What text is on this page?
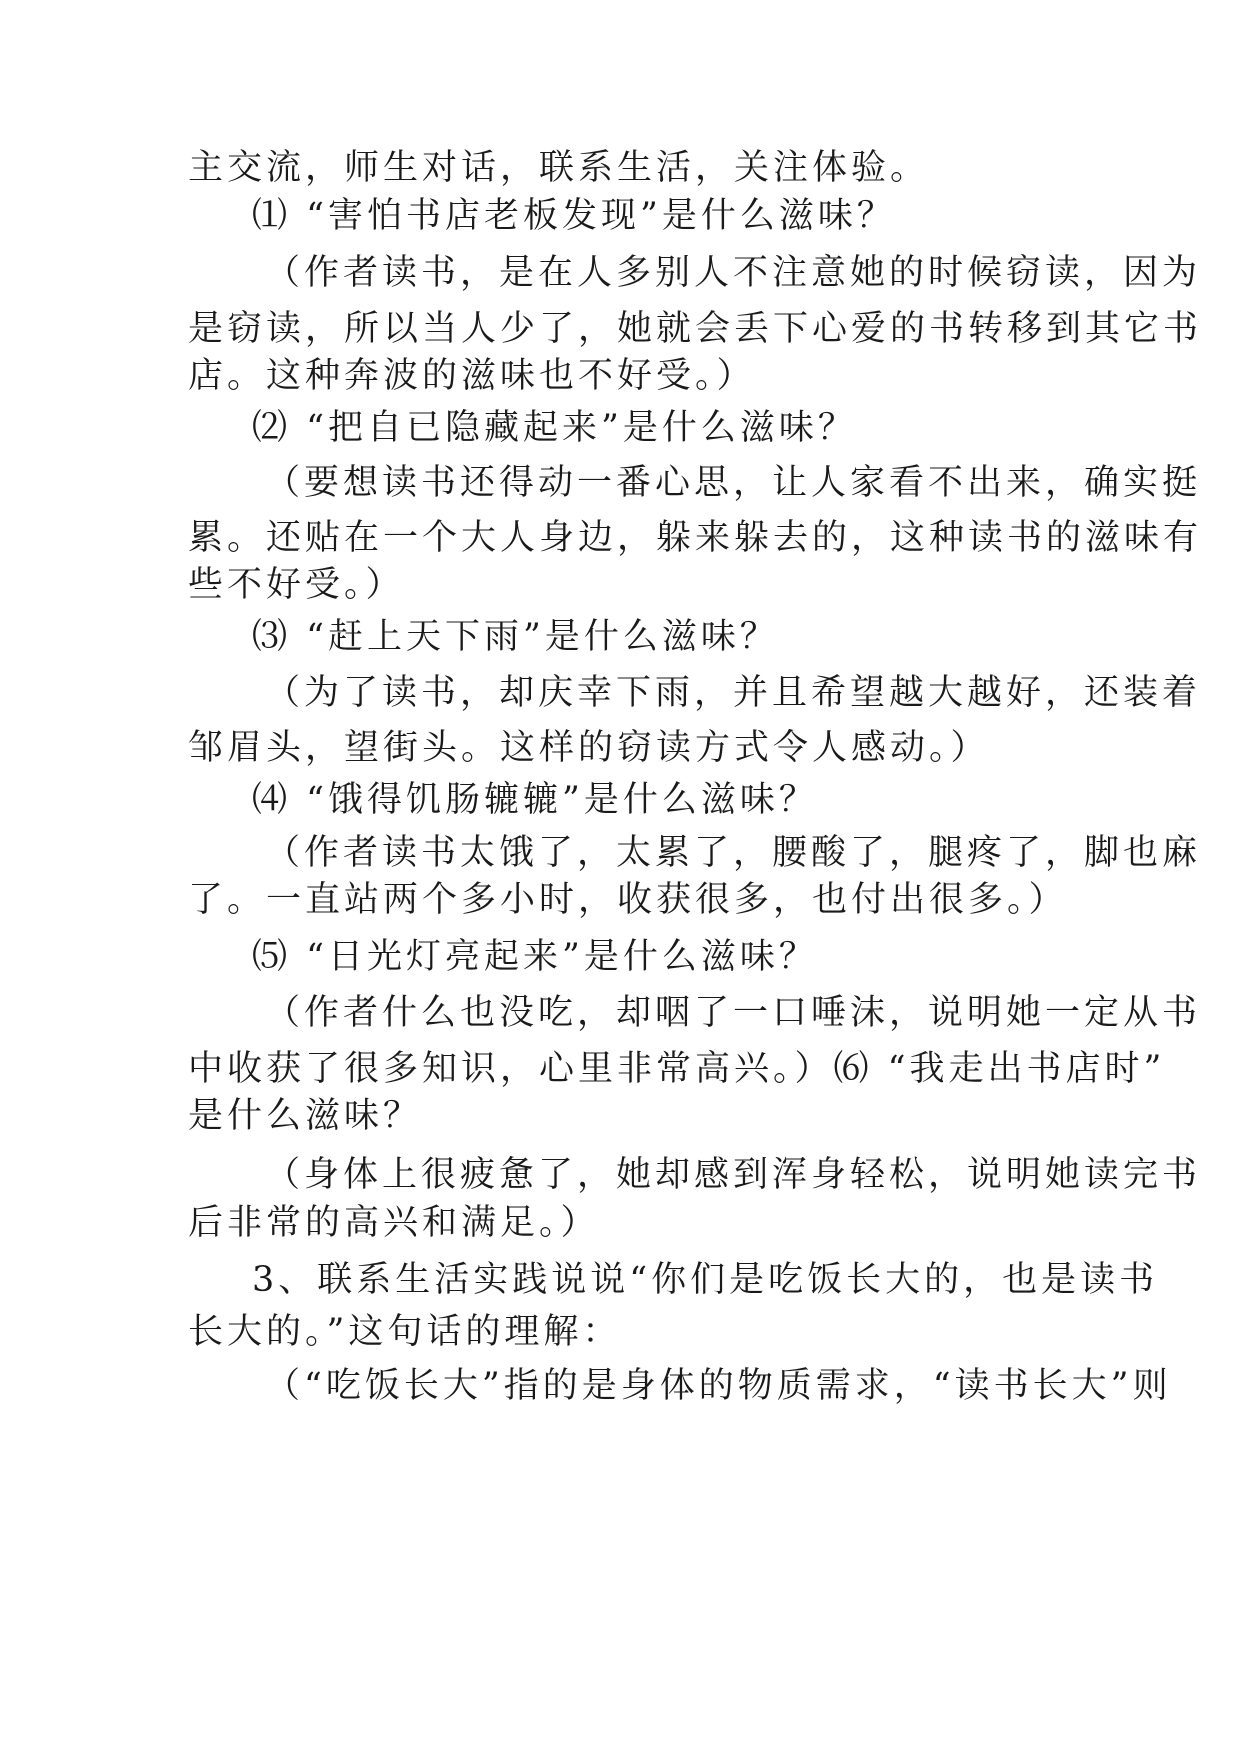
主交流，师生对话，联系生活，关注体验。
⑴ “害怕书店老板发现”是什么滋味？
（作者读书，是在人多别人不注意她的时候窃读，因为
是窃读，所以当人少了，她就会丢下心爱的书转移到其它书
店。这种奔波的滋味也不好受。）
⑵ “把自已隐藏起来”是什么滋味？
（要想读书还得动一番心思，让人家看不出来，确实挺
累。还贴在一个大人身边，躲来躲去的，这种读书的滋味有
些不好受。）
⑶ “赶上天下雨”是什么滋味？
（为了读书，却庆幸下雨，并且希望越大越好，还装着
邹眉头，望街头。这样的窃读方式令人感动。）
⑷ “饿得饥肠辘辘”是什么滋味？
（作者读书太饿了，太累了，腰酸了，腿疼了，脚也麻
了。一直站两个多小时，收获很多，也付出很多。）
⑸ “日光灯亮起来”是什么滋味？
（作者什么也没吃，却咽了一口唾沫，说明她一定从书
中收获了很多知识，心里非常高兴。）⑹ “我走出书店时”
是什么滋味？
（身体上很疲惫了，她却感到浑身轻松，说明她读完书
后非常的高兴和满足。）
3、联系生活实践说说“你们是吃饭长大的，也是读书
长大的。”这句话的理解：
（“吃饭长大”指的是身体的物质需求，“读书长大”则
